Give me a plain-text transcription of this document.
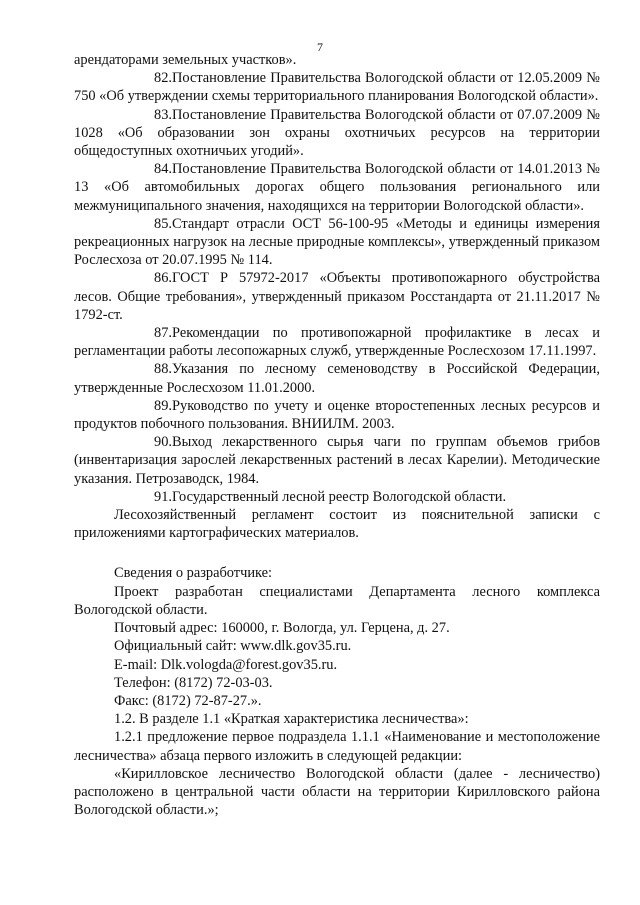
7

арендаторами земельных участков».

82.Постановление Правительства Вологодской области от 12.05.2009 № 750 «Об утверждении схемы территориального планирования Вологодской области».

83.Постановление Правительства Вологодской области от 07.07.2009 № 1028 «Об образовании зон охраны охотничьих ресурсов на территории общедоступных охотничьих угодий».

84.Постановление Правительства Вологодской области от 14.01.2013 № 13 «Об автомобильных дорогах общего пользования регионального или межмуниципального значения, находящихся на территории Вологодской области».

85.Стандарт отрасли ОСТ 56-100-95 «Методы и единицы измерения рекреационных нагрузок на лесные природные комплексы», утвержденный приказом Рослесхоза от 20.07.1995 № 114.

86.ГОСТ Р 57972-2017 «Объекты противопожарного обустройства лесов. Общие требования», утвержденный приказом Росстандарта от 21.11.2017 № 1792-ст.

87.Рекомендации по противопожарной профилактике в лесах и регламентации работы лесопожарных служб, утвержденные Рослесхозом 17.11.1997.

88.Указания по лесному семеноводству в Российской Федерации, утвержденные Рослесхозом 11.01.2000.

89.Руководство по учету и оценке второстепенных лесных ресурсов и продуктов побочного пользования. ВНИИЛМ. 2003.

90.Выход лекарственного сырья чаги по группам объемов грибов (инвентаризация зарослей лекарственных растений в лесах Карелии). Методические указания. Петрозаводск, 1984.

91.Государственный лесной реестр Вологодской области.

Лесохозяйственный регламент состоит из пояснительной записки с приложениями картографических материалов.

Сведения о разработчике:

Проект разработан специалистами Департамента лесного комплекса Вологодской области.

Почтовый адрес: 160000, г. Вологда, ул. Герцена, д. 27.

Официальный сайт: www.dlk.gov35.ru.

E-mail: Dlk.vologda@forest.gov35.ru.

Телефон: (8172) 72-03-03.

Факс: (8172) 72-87-27.».

1.2. В разделе 1.1 «Краткая характеристика лесничества»:

1.2.1 предложение первое подраздела 1.1.1 «Наименование и местоположение лесничества» абзаца первого изложить в следующей редакции:

«Кирилловское лесничество Вологодской области (далее - лесничество) расположено в центральной части области на территории Кирилловского района Вологодской области.»;
